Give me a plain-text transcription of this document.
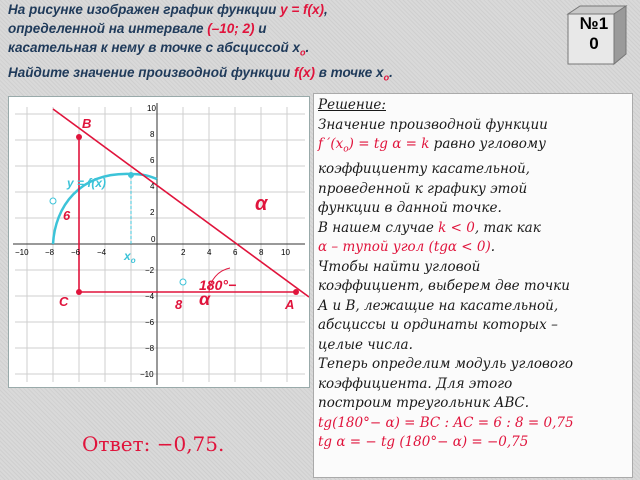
На рисунке изображен график функции y = f(x),
определенной на интервале (–10; 2) и
касательная к нему в точке с абсциссой $x_o$.
Найдите значение производной функции f(x) в точке $x_o$.
№1
0
10
8
6
4
2
−2
−4
−6
−8
−10
−10 −8 −6 −4	2	4	6	8 10
0
y = f(x)
$x_o$
B
C	A
6
8
α
180°−
α

Решение:

Значение производной функции

f $'(x_o)$ = tg α = k равно угловому

коэффициенту касательной,

проведенной к графику этой

функции в данной точке.

В нашем случае k < 0, так как

α – тупой угол (tgα < 0).

Чтобы найти угловой

коэффициент, выберем две точки

А и В, лежащие на касательной,

абсциссы и ординаты которых –

целые числа.

Теперь определим модуль углового

коэффициента. Для этого

построим треугольник АВС.

tg(180°− α) = BC : AC = 6 : 8 = 0,75

tg α = − tg (180°− α) = −0,75

Ответ: −0,75.
